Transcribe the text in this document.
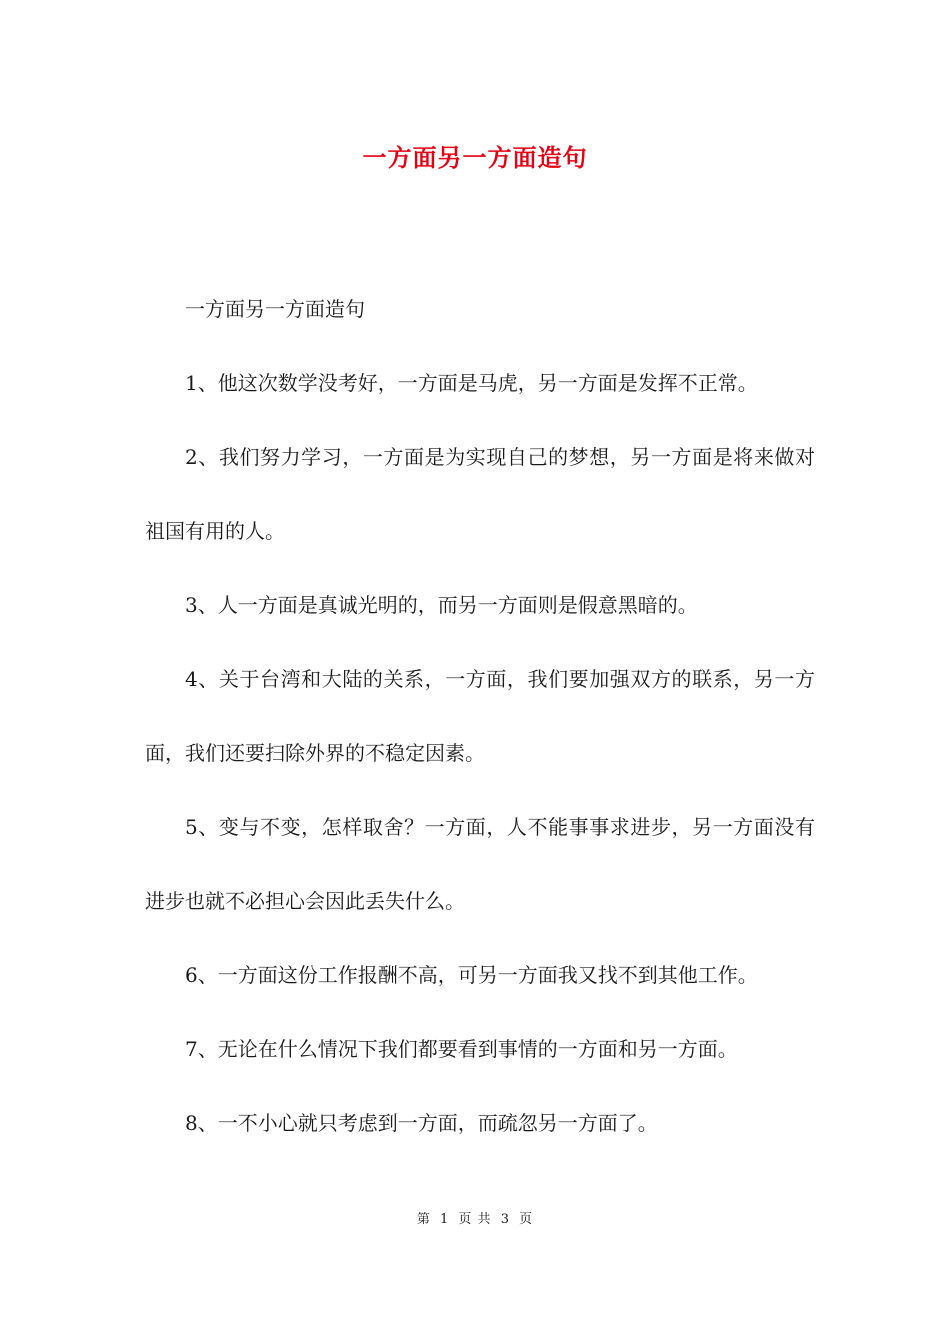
一方面另一方面造句

一方面另一方面造句

1、他这次数学没考好，一方面是马虎，另一方面是发挥不正常。

2、我们努力学习，一方面是为实现自己的梦想，另一方面是将来做对祖国有用的人。

3、人一方面是真诚光明的，而另一方面则是假意黑暗的。

4、关于台湾和大陆的关系，一方面，我们要加强双方的联系，另一方面，我们还要扫除外界的不稳定因素。

5、变与不变，怎样取舍？一方面，人不能事事求进步，另一方面没有进步也就不必担心会因此丢失什么。

6、一方面这份工作报酬不高，可另一方面我又找不到其他工作。

7、无论在什么情况下我们都要看到事情的一方面和另一方面。

8、一不小心就只考虑到一方面，而疏忽另一方面了。

第 1 页 共 3 页
